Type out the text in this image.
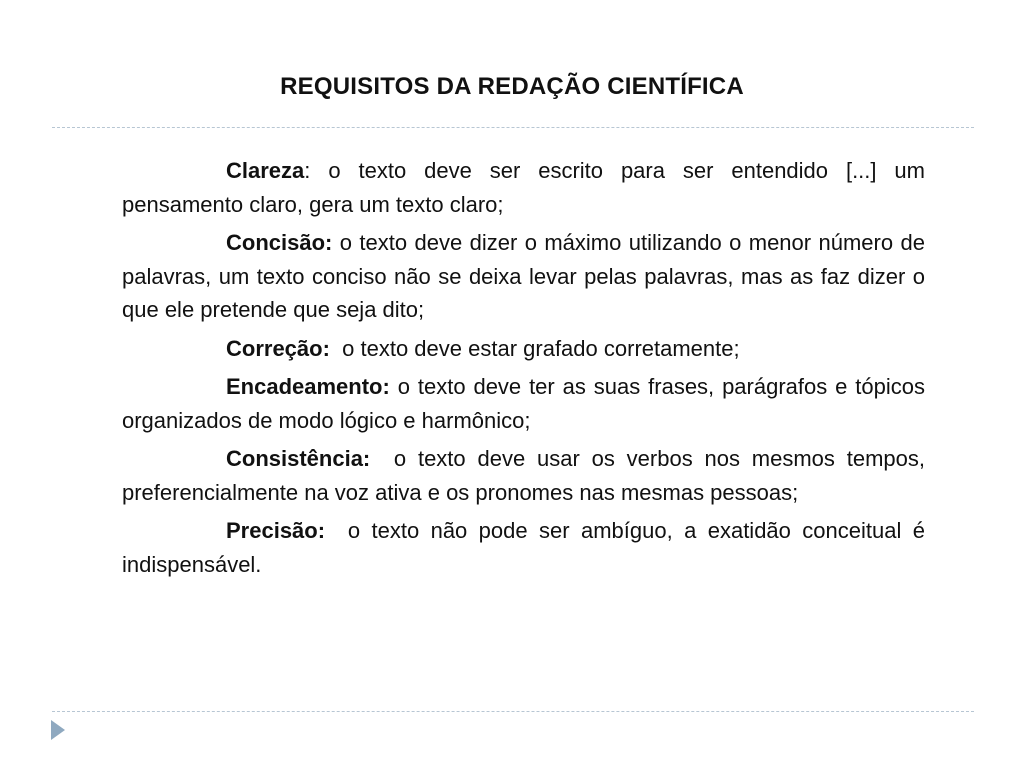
REQUISITOS DA REDAÇÃO CIENTÍFICA

Clareza: o texto deve ser escrito para ser entendido [...] um pensamento claro, gera um texto claro;

Concisão: o texto deve dizer o máximo utilizando o menor número de palavras, um texto conciso não se deixa levar pelas palavras, mas as faz dizer o que ele pretende que seja dito;

Correção: o texto deve estar grafado corretamente;

Encadeamento: o texto deve ter as suas frases, parágrafos e tópicos organizados de modo lógico e harmônico;

Consistência: o texto deve usar os verbos nos mesmos tempos, preferencialmente na voz ativa e os pronomes nas mesmas pessoas;

Precisão: o texto não pode ser ambíguo, a exatidão conceitual é indispensável.
